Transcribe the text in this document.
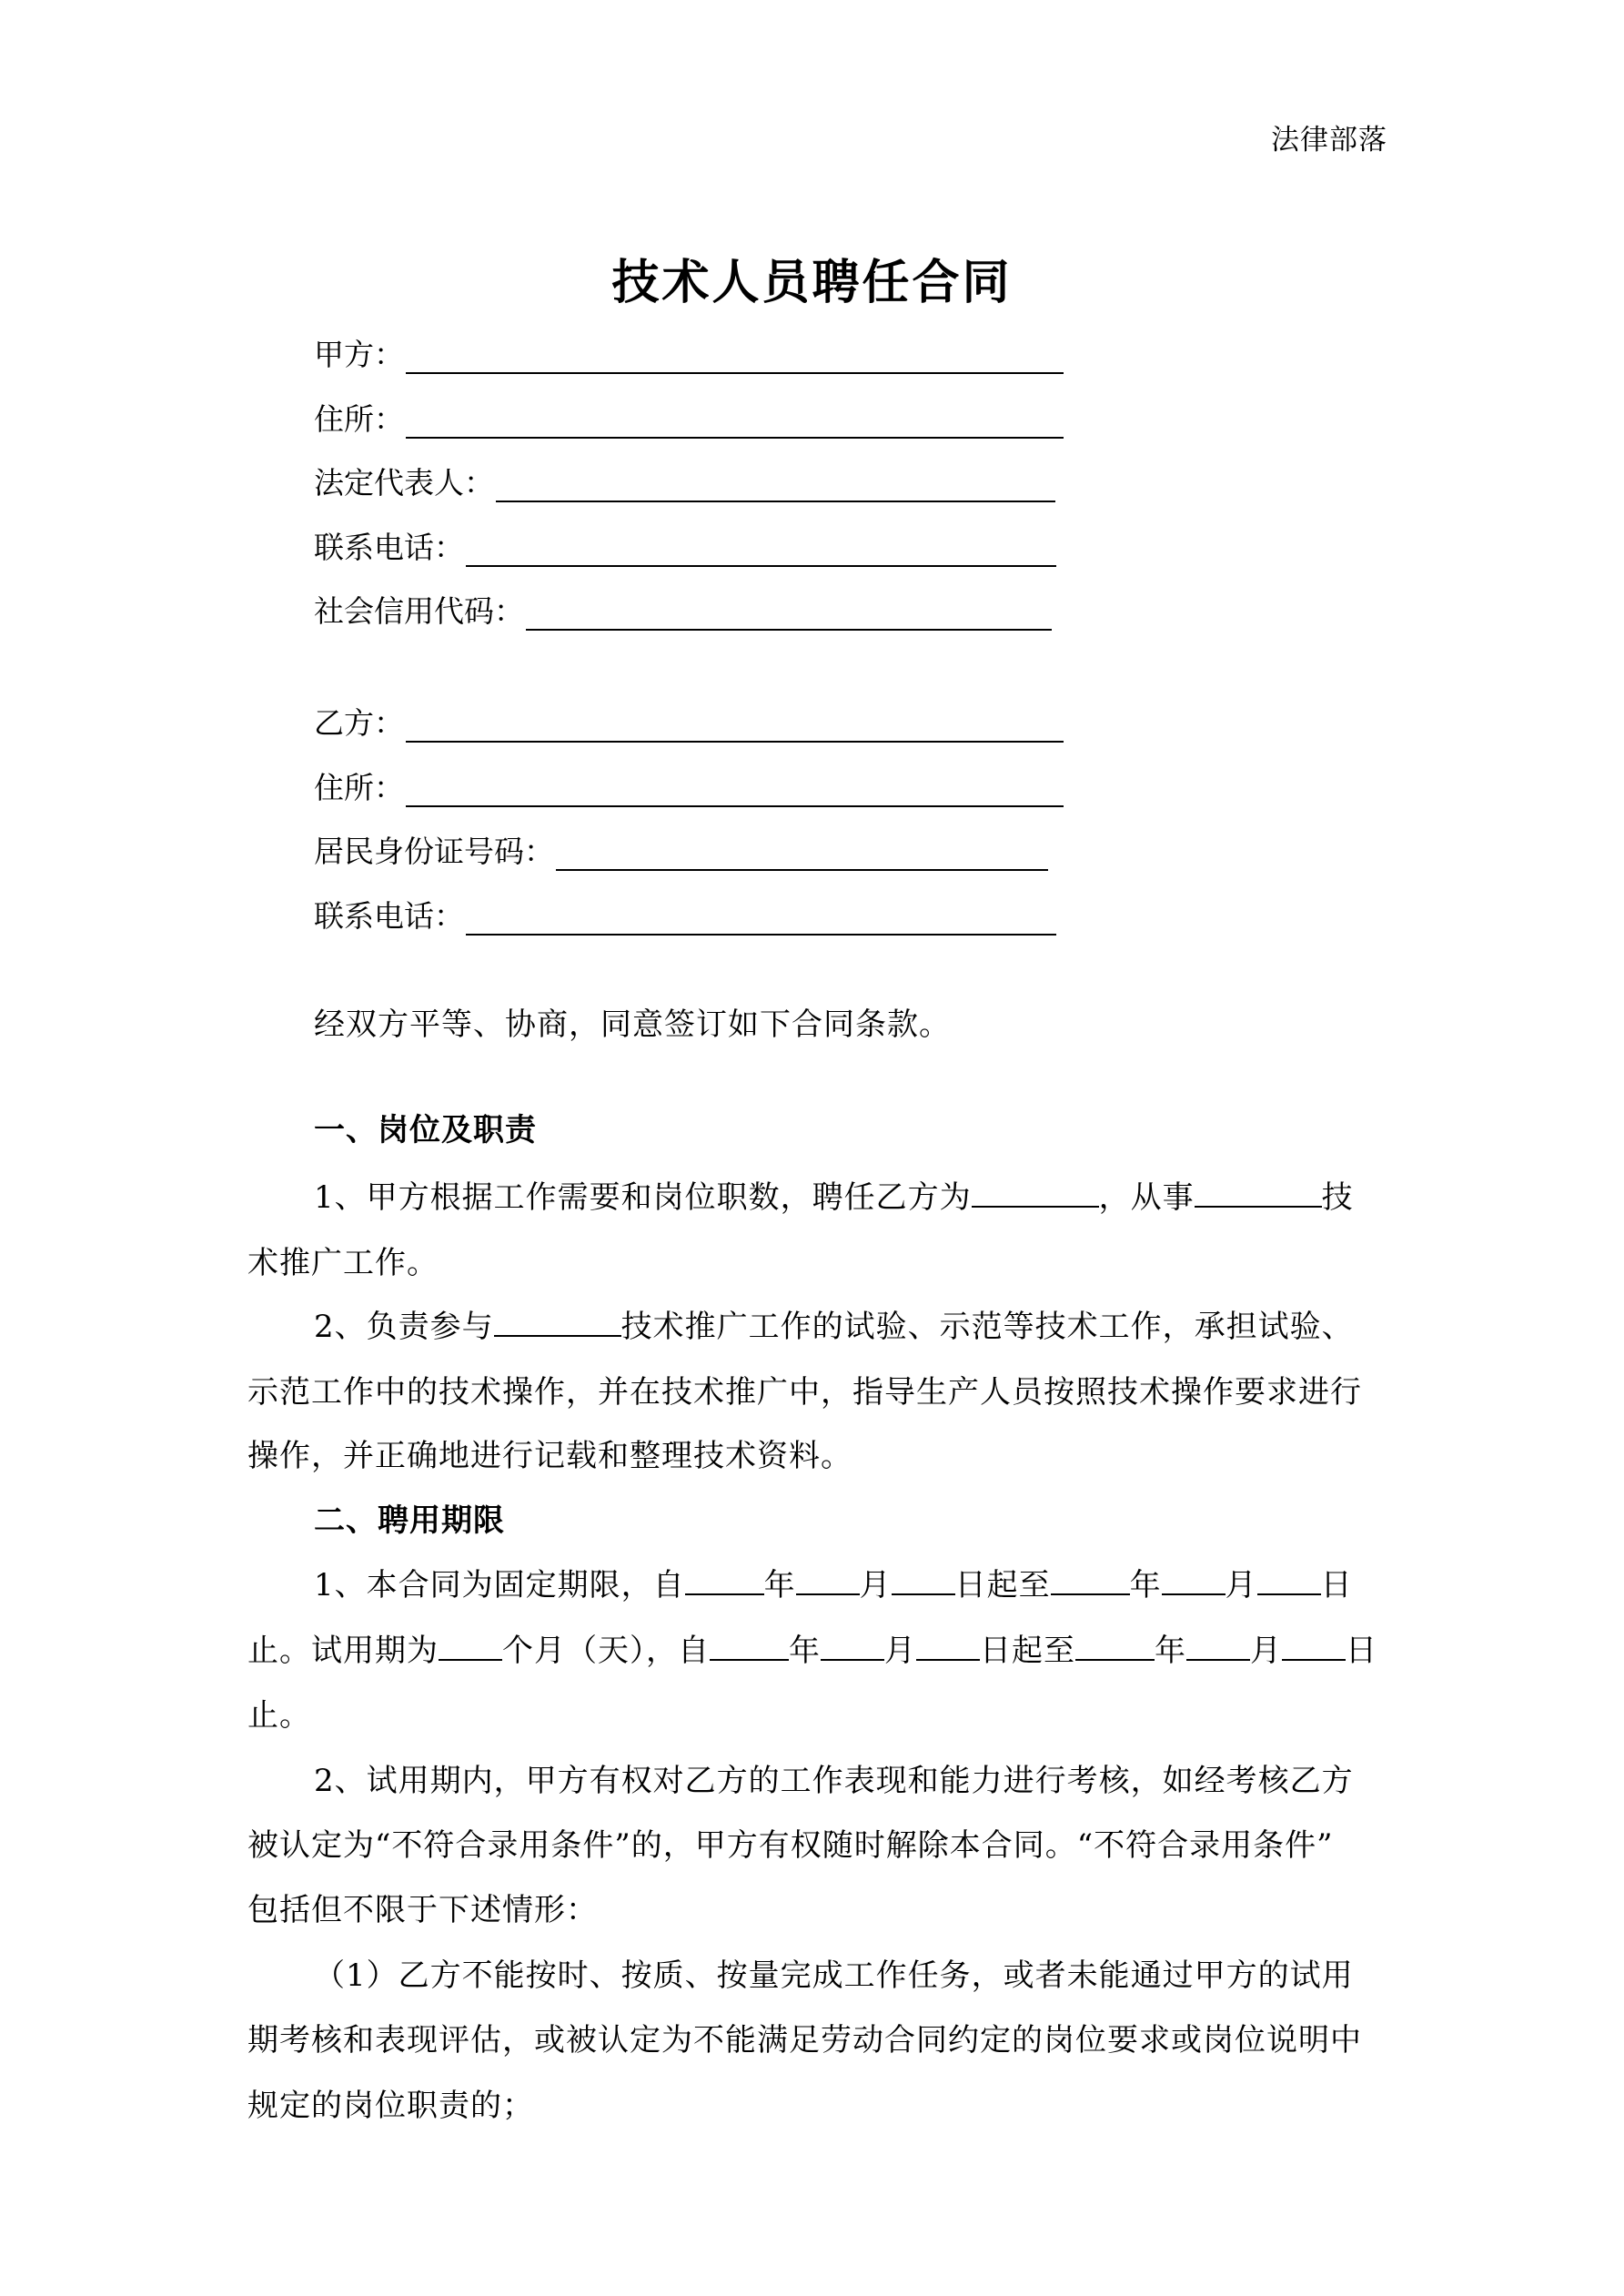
法律部落
技术人员聘任合同
甲方：
住所：
法定代表人：
联系电话：
社会信用代码：
乙方：
住所：
居民身份证号码：
联系电话：
经双方平等、协商，同意签订如下合同条款。
一、岗位及职责
1、甲方根据工作需要和岗位职数，聘任乙方为	，从事	技
术推广工作。
2、负责参与	技术推广工作的试验、示范等技术工作，承担试验、
示范工作中的技术操作，并在技术推广中，指导生产人员按照技术操作要求进行
操作，并正确地进行记载和整理技术资料。
二、聘用期限
1、本合同为固定期限，自	年 月 日起至	年 月 日
止。试用期为 个月（天），自	年 月 日起至	年 月 日
止。
2、试用期内，甲方有权对乙方的工作表现和能力进行考核，如经考核乙方
被认定为“不符合录用条件”的，甲方有权随时解除本合同。“不符合录用条件”
包括但不限于下述情形：
（1）乙方不能按时、按质、按量完成工作任务，或者未能通过甲方的试用
期考核和表现评估，或被认定为不能满足劳动合同约定的岗位要求或岗位说明中
规定的岗位职责的；
